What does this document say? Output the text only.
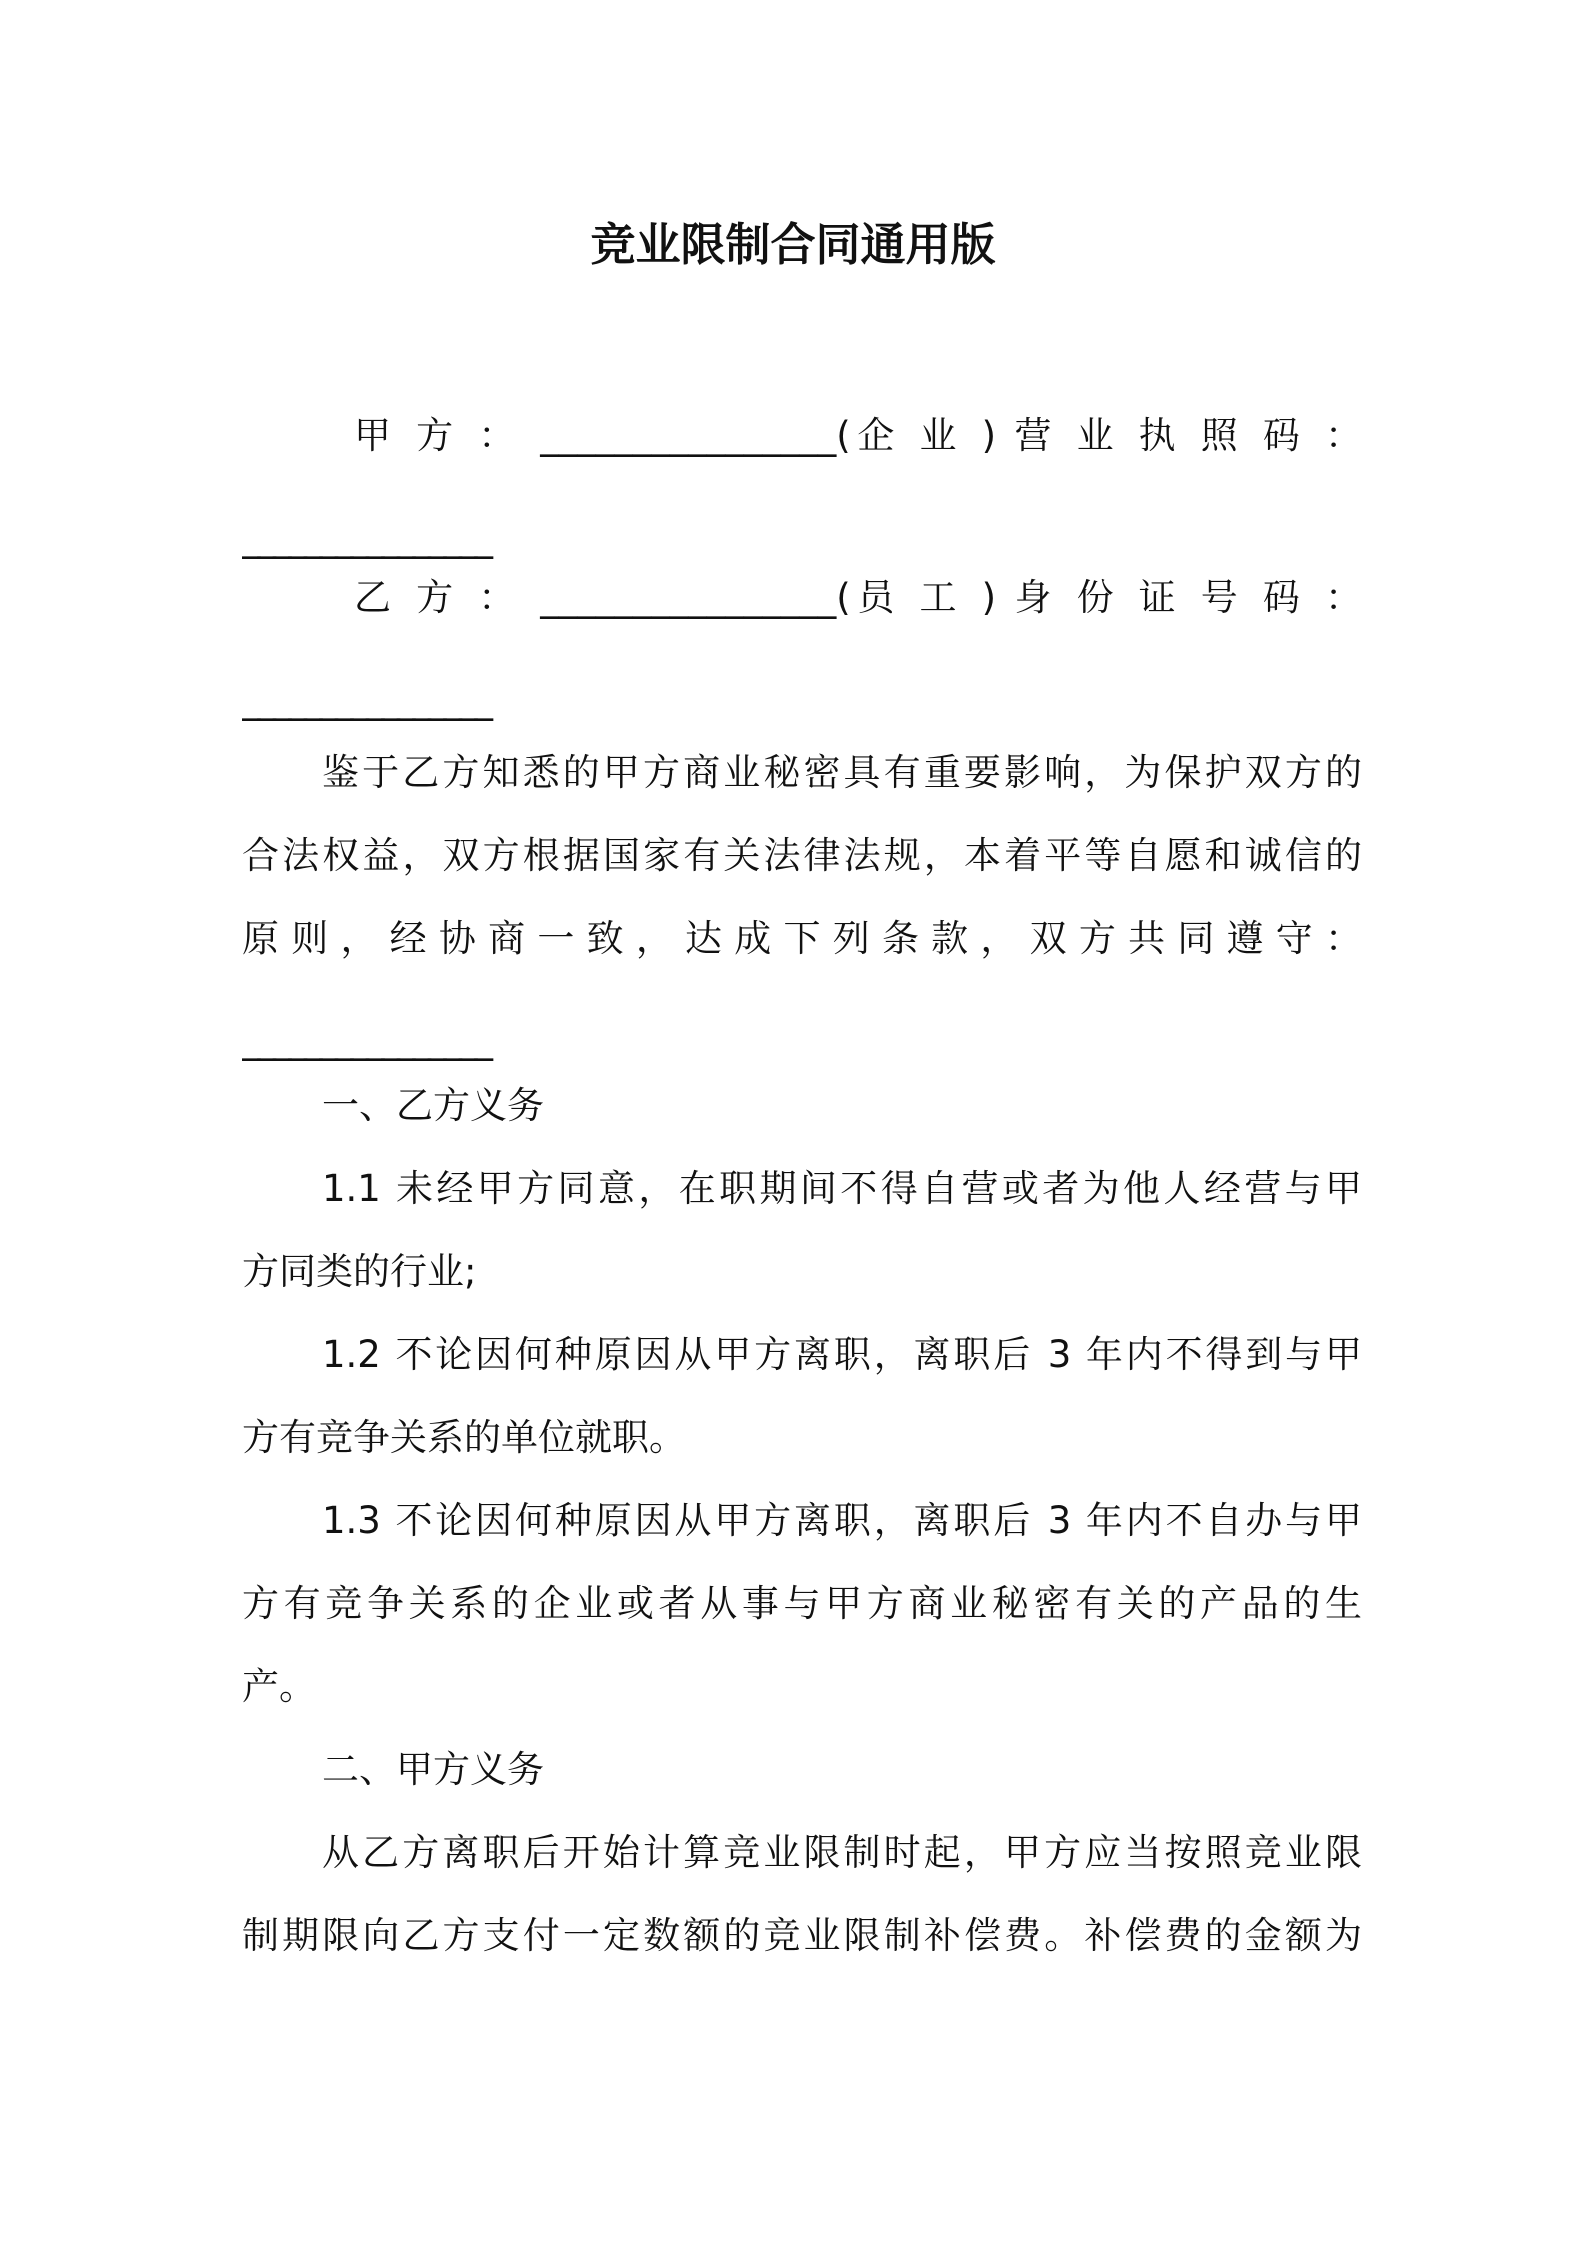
竞业限制合同通用版
甲 方 ： ________________(企 业 ) 营 业 执 照 码 ：
________________
乙 方 ： ________________(员 工 ) 身 份 证 号 码 ：
________________
鉴于乙方知悉的甲方商业秘密具有重要影响，为保护双方的
合法权益，双方根据国家有关法律法规，本着平等自愿和诚信的
原则，经协商一致，达成下列条款，双方共同遵守：
________________
一、乙方义务
1.1 未经甲方同意，在职期间不得自营或者为他人经营与甲
方同类的行业;
1.2 不论因何种原因从甲方离职，离职后 3 年内不得到与甲
方有竞争关系的单位就职。
1.3 不论因何种原因从甲方离职，离职后 3 年内不自办与甲
方有竞争关系的企业或者从事与甲方商业秘密有关的产品的生
产。
二、甲方义务
从乙方离职后开始计算竞业限制时起，甲方应当按照竞业限
制期限向乙方支付一定数额的竞业限制补偿费。补偿费的金额为
